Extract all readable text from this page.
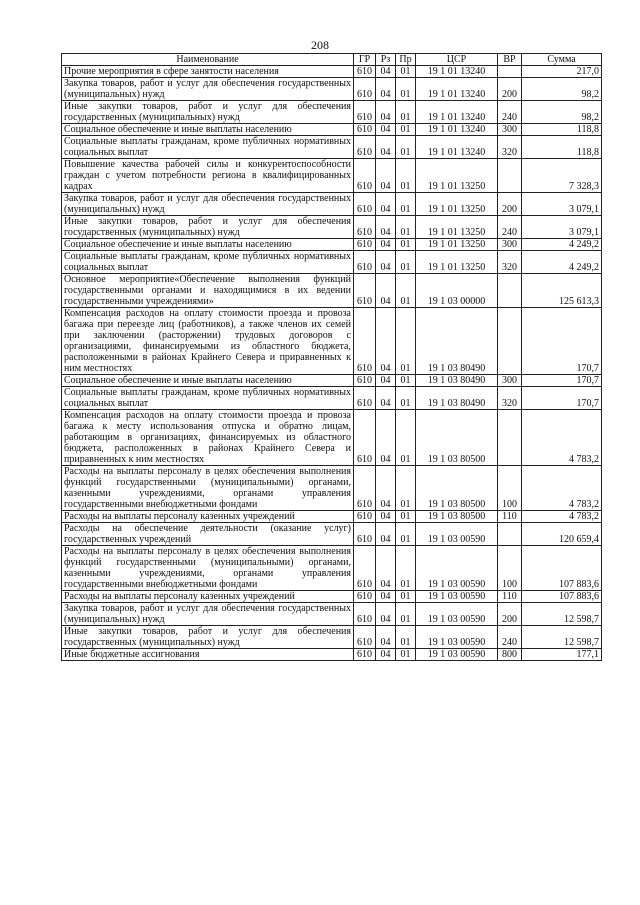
208
Наименование	ГР	Рз	Пр	ЦСР	ВР	Сумма
Прочие мероприятия в сфере занятости населения	610	04	01	19 1 01 13240		217,0
Закупка товаров, работ и услуг для обеспечения государственных (муниципальных) нужд	610	04	01	19 1 01 13240	200	98,2
Иные закупки товаров, работ и услуг для обеспечения государственных (муниципальных) нужд	610	04	01	19 1 01 13240	240	98,2
Социальное обеспечение и иные выплаты населению	610	04	01	19 1 01 13240	300	118,8
Социальные выплаты гражданам, кроме публичных нормативных социальных выплат	610	04	01	19 1 01 13240	320	118,8
Повышение качества рабочей силы и конкурентоспособности граждан с учетом потребности региона в квалифицированных кадрах	610	04	01	19 1 01 13250		7 328,3
Закупка товаров, работ и услуг для обеспечения государственных (муниципальных) нужд	610	04	01	19 1 01 13250	200	3 079,1
Иные закупки товаров, работ и услуг для обеспечения государственных (муниципальных) нужд	610	04	01	19 1 01 13250	240	3 079,1
Социальное обеспечение и иные выплаты населению	610	04	01	19 1 01 13250	300	4 249,2
Социальные выплаты гражданам, кроме публичных нормативных социальных выплат	610	04	01	19 1 01 13250	320	4 249,2
Основное мероприятие«Обеспечение выполнения функций государственными органами и находящимися в их ведении государственными учреждениями»	610	04	01	19 1 03 00000		125 613,3
Компенсация расходов на оплату стоимости проезда и провоза багажа при переезде лиц (работников), а также членов их семей при заключении (расторжении) трудовых договоров с организациями, финансируемыми из областного бюджета, расположенными в районах Крайнего Севера и приравненных к ним местностях	610	04	01	19 1 03 80490		170,7
Социальное обеспечение и иные выплаты населению	610	04	01	19 1 03 80490	300	170,7
Социальные выплаты гражданам, кроме публичных нормативных социальных выплат	610	04	01	19 1 03 80490	320	170,7
Компенсация расходов на оплату стоимости проезда и провоза багажа к месту использования отпуска и обратно лицам, работающим в организациях, финансируемых из областного бюджета, расположенных в районах Крайнего Севера и приравненных к ним местностях	610	04	01	19 1 03 80500		4 783,2
Расходы на выплаты персоналу в целях обеспечения выполнения функций государственными (муниципальными) органами, казенными учреждениями, органами управления государственными внебюджетными фондами	610	04	01	19 1 03 80500	100	4 783,2
Расходы на выплаты персоналу казенных учреждений	610	04	01	19 1 03 80500	110	4 783,2
Расходы на обеспечение деятельности (оказание услуг) государственных учреждений	610	04	01	19 1 03 00590		120 659,4
Расходы на выплаты персоналу в целях обеспечения выполнения функций государственными (муниципальными) органами, казенными учреждениями, органами управления государственными внебюджетными фондами	610	04	01	19 1 03 00590	100	107 883,6
Расходы на выплаты персоналу казенных учреждений	610	04	01	19 1 03 00590	110	107 883,6
Закупка товаров, работ и услуг для обеспечения государственных (муниципальных) нужд	610	04	01	19 1 03 00590	200	12 598,7
Иные закупки товаров, работ и услуг для обеспечения государственных (муниципальных) нужд	610	04	01	19 1 03 00590	240	12 598,7
Иные бюджетные ассигнования	610	04	01	19 1 03 00590	800	177,1
